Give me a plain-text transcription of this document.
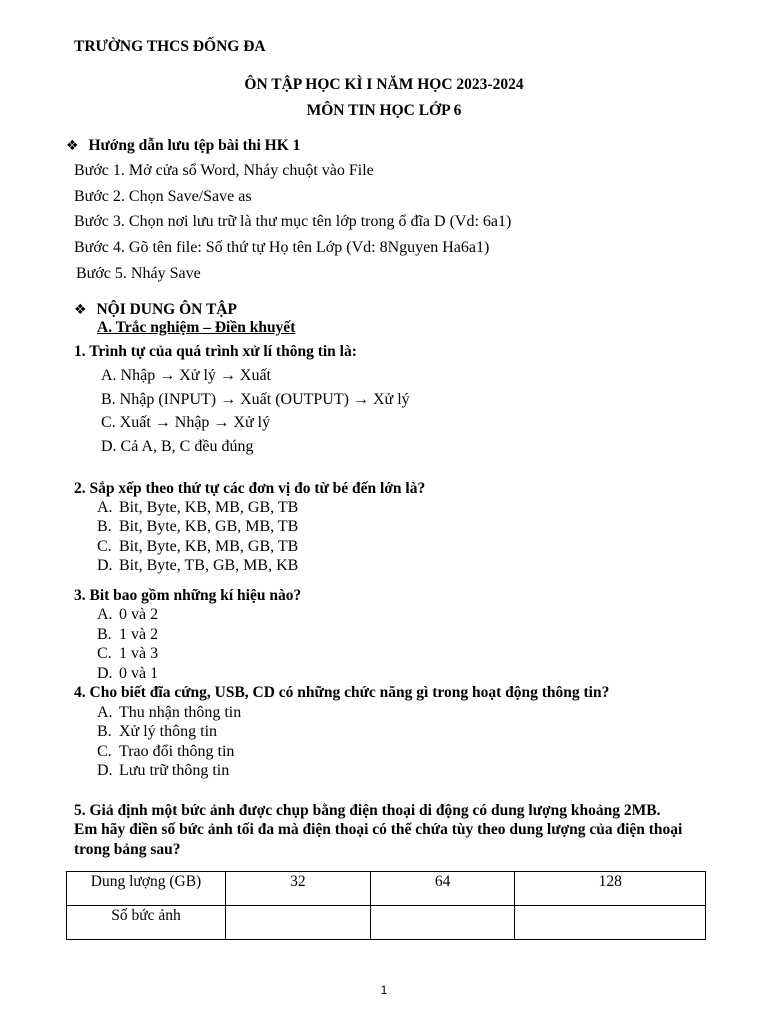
TRƯỜNG THCS ĐỐNG ĐA
ÔN TẬP HỌC KÌ I NĂM HỌC 2023-2024
MÔN TIN HỌC LỚP 6
❖ Hướng dẫn lưu tệp bài thi HK 1
Bước 1. Mở cửa sổ Word, Nháy chuột vào File
Bước 2. Chọn Save/Save as
Bước 3. Chọn nơi lưu trữ là thư mục tên lớp trong ổ đĩa D (Vd: 6a1)
Bước 4. Gõ tên file: Số thứ tự Họ tên Lớp (Vd: 8Nguyen Ha6a1)
Bước 5. Nháy Save
❖ NỘI DUNG ÔN TẬP
A. Trắc nghiệm – Điền khuyết
1. Trình tự của quá trình xử lí thông tin là:
A. Nhập → Xử lý → Xuất
B. Nhập (INPUT) → Xuất (OUTPUT) → Xử lý
C. Xuất → Nhập → Xử lý
D. Cả A, B, C đều đúng
2. Sắp xếp theo thứ tự các đơn vị đo từ bé đến lớn là?
A. Bit, Byte, KB, MB, GB, TB
B. Bit, Byte, KB, GB, MB, TB
C. Bit, Byte, KB, MB, GB, TB
D. Bit, Byte, TB, GB, MB, KB
3. Bit bao gồm những kí hiệu nào?
A. 0 và 2
B. 1 và 2
C. 1 và 3
D. 0 và 1
4. Cho biết đĩa cứng, USB, CD có những chức năng gì trong hoạt động thông tin?
A. Thu nhận thông tin
B. Xử lý thông tin
C. Trao đổi thông tin
D. Lưu trữ thông tin
5. Giả định một bức ảnh được chụp bằng điện thoại di động có dung lượng khoảng 2MB.
Em hãy điền số bức ảnh tối đa mà điện thoại có thể chứa tùy theo dung lượng của điện thoại
trong bảng sau?
Dung lượng (GB)	32	64	128
Số bức ảnh			
1
